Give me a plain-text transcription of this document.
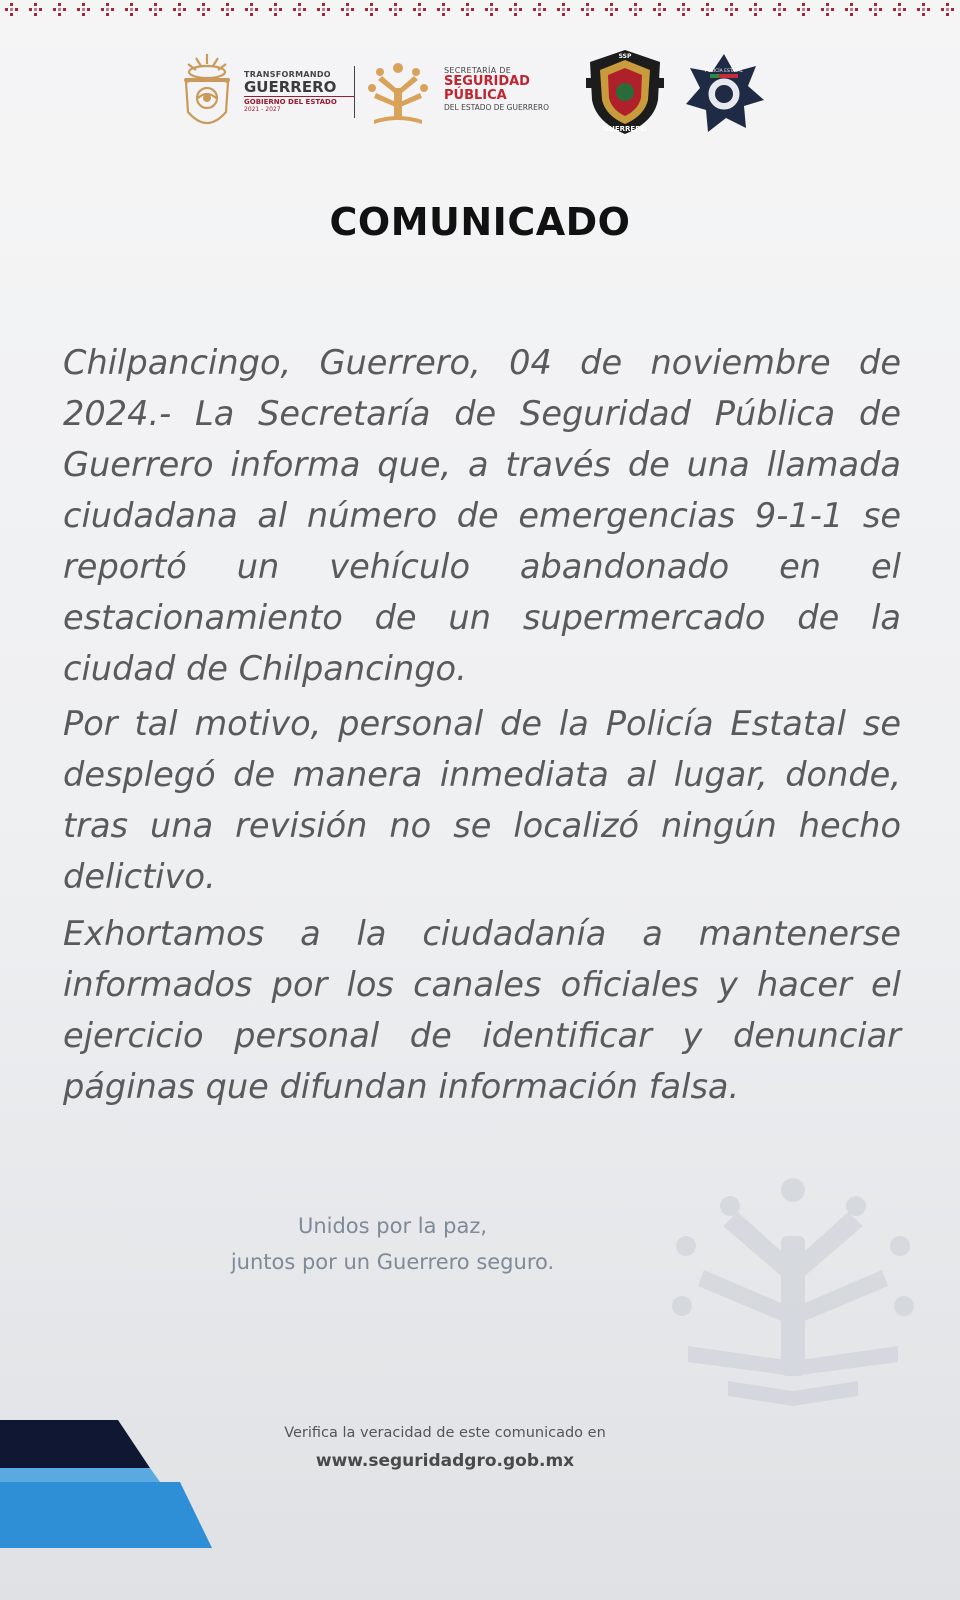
TRANSFORMANDO
GUERRERO
GOBIERNO DEL ESTADO
2021 - 2027
SECRETARÍA DE
SEGURIDAD
PÚBLICA
DEL ESTADO DE GUERRERO
SSP
GUERRERO
POLICÍA ESTATAL
COMUNICADO

Chilpancingo, Guerrero, 04 de noviembre de 2024.- La Secretaría de Seguridad Pública de Guerrero informa que, a través de una llamada ciudadana al número de emergencias 9-1-1 se reportó un vehículo abandonado en el estacionamiento de un supermercado de la ciudad de Chilpancingo.

Por tal motivo, personal de la Policía Estatal se desplegó de manera inmediata al lugar, donde, tras una revisión no se localizó ningún hecho delictivo.

Exhortamos a la ciudadanía a mantenerse informados por los canales oficiales y hacer el ejercicio personal de identificar y denunciar páginas que difundan información falsa.

Unidos por la paz,
juntos por un Guerrero seguro.
Verifica la veracidad de este comunicado en
www.seguridadgro.gob.mx
